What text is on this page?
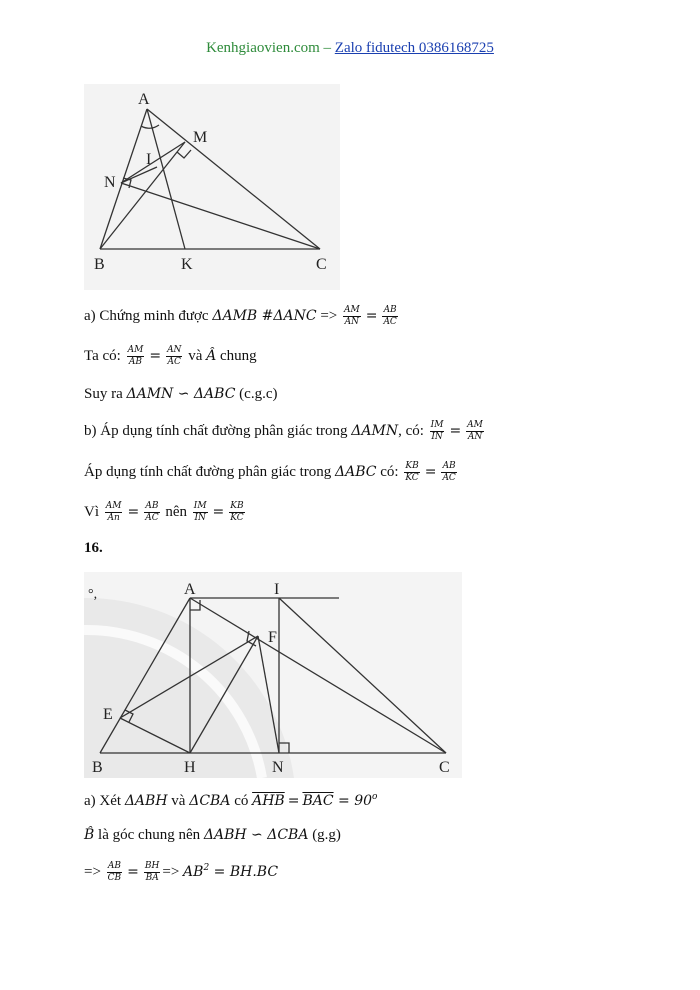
Kenhgiaovien.com – Zalo fidutech 0386168725
A
M
I
N
B	K	C
a) Chứng minh được ΔAMB #ΔANC => $\frac{AM}{AN} = \frac{AB}{AC}$
Ta có: $\frac{AM}{AB} = \frac{AN}{AC}$ và Â chung
Suy ra ΔAMN ∽ ΔABC (c.g.c)
b) Áp dụng tính chất đường phân giác trong ΔAMN, có: $\frac{IM}{IN} = \frac{AM}{AN}$
Áp dụng tính chất đường phân giác trong ΔABC có: $\frac{KB}{KC} = \frac{AB}{AC}$
Vì $\frac{AM}{An} = \frac{AB}{AC}$ nên $\frac{IM}{IN} = \frac{KB}{KC}$
16.
°,	A	I
F
E
B	H	N	C
a) Xét ΔABH và ΔCBA có $\overline{AHB} = \overline{BAC} = 90^o$
B̂ là góc chung nên ΔABH ∽ ΔCBA (g.g)
=> $\frac{AB}{CB} = \frac{BH}{BA} => AB^2 = BH.BC$
